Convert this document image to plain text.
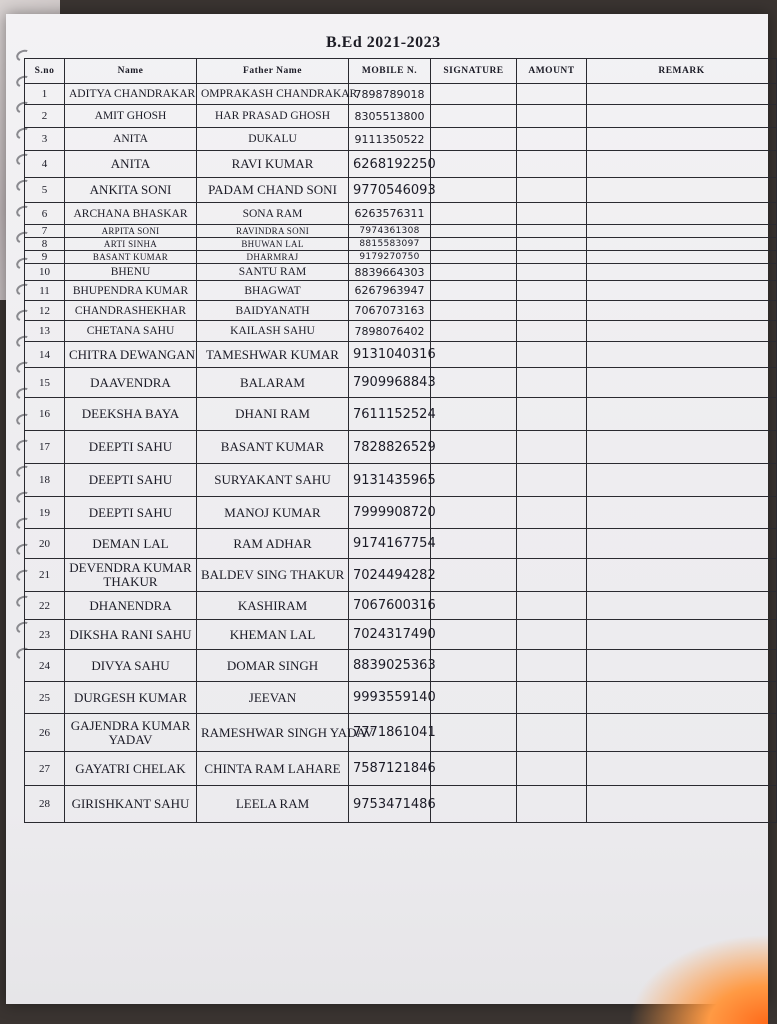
B.Ed 2021-2023
S.no	Name	Father Name	MOBILE N.	SIGNATURE	AMOUNT	REMARK
1	ADITYA CHANDRAKAR	OMPRAKASH CHANDRAKAR	7898789018			
2	AMIT GHOSH	HAR PRASAD GHOSH	8305513800			
3	ANITA	DUKALU	9111350522			
4	ANITA	RAVI KUMAR	6268192250			
5	ANKITA SONI	PADAM CHAND SONI	9770546093			
6	ARCHANA BHASKAR	SONA RAM	6263576311			
7	ARPITA SONI	RAVINDRA SONI	7974361308			
8	ARTI SINHA	BHUWAN LAL	8815583097			
9	BASANT KUMAR	DHARMRAJ	9179270750			
10	BHENU	SANTU RAM	8839664303			
11	BHUPENDRA KUMAR	BHAGWAT	6267963947			
12	CHANDRASHEKHAR	BAIDYANATH	7067073163			
13	CHETANA SAHU	KAILASH SAHU	7898076402			
14	CHITRA DEWANGAN	TAMESHWAR KUMAR	9131040316			
15	DAAVENDRA	BALARAM	7909968843			
16	DEEKSHA BAYA	DHANI RAM	7611152524			
17	DEEPTI SAHU	BASANT KUMAR	7828826529			
18	DEEPTI SAHU	SURYAKANT SAHU	9131435965			
19	DEEPTI SAHU	MANOJ KUMAR	7999908720			
20	DEMAN LAL	RAM ADHAR	9174167754			
21	DEVENDRA KUMAR THAKUR	BALDEV SING THAKUR	7024494282			
22	DHANENDRA	KASHIRAM	7067600316			
23	DIKSHA RANI SAHU	KHEMAN LAL	7024317490			
24	DIVYA SAHU	DOMAR SINGH	8839025363			
25	DURGESH KUMAR	JEEVAN	9993559140			
26	GAJENDRA KUMAR YADAV	RAMESHWAR SINGH YADAV	7771861041			
27	GAYATRI CHELAK	CHINTA RAM LAHARE	7587121846			
28	GIRISHKANT SAHU	LEELA RAM	9753471486			
